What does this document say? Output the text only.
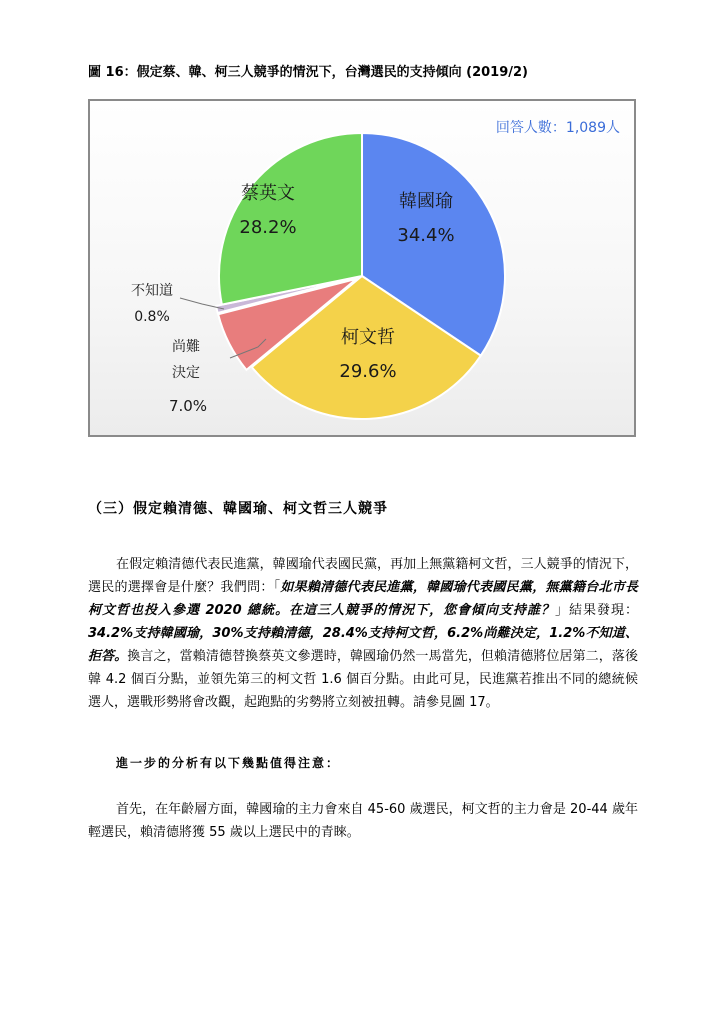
圖 16：假定蔡、韓、柯三人競爭的情況下，台灣選民的支持傾向 (2019/2)
韓國瑜
34.4%
柯文哲
29.6%
尚難
決定
7.0%
不知道
0.8%
蔡英文
28.2%
回答人數：1,089人
（三）假定賴清德、韓國瑜、柯文哲三人競爭
在假定賴清德代表民進黨，韓國瑜代表國民黨，再加上無黨籍柯文哲，三人競爭的情況下，選民的選擇會是什麼？我們問：「如果賴清德代表民進黨，韓國瑜代表國民黨，無黨籍台北市長柯文哲也投入參選 2020 總統。在這三人競爭的情況下，您會傾向支持誰？」結果發現：34.2%支持韓國瑜，30%支持賴清德，28.4%支持柯文哲，6.2%尚難決定，1.2%不知道、拒答。換言之，當賴清德替換蔡英文參選時，韓國瑜仍然一馬當先，但賴清德將位居第二，落後韓 4.2 個百分點，並領先第三的柯文哲 1.6 個百分點。由此可見，民進黨若推出不同的總統候選人，選戰形勢將會改觀，起跑點的劣勢將立刻被扭轉。請參見圖 17。
進一步的分析有以下幾點值得注意：
首先，在年齡層方面，韓國瑜的主力會來自 45-60 歲選民，柯文哲的主力會是 20-44 歲年輕選民，賴清德將獲 55 歲以上選民中的青睞。
